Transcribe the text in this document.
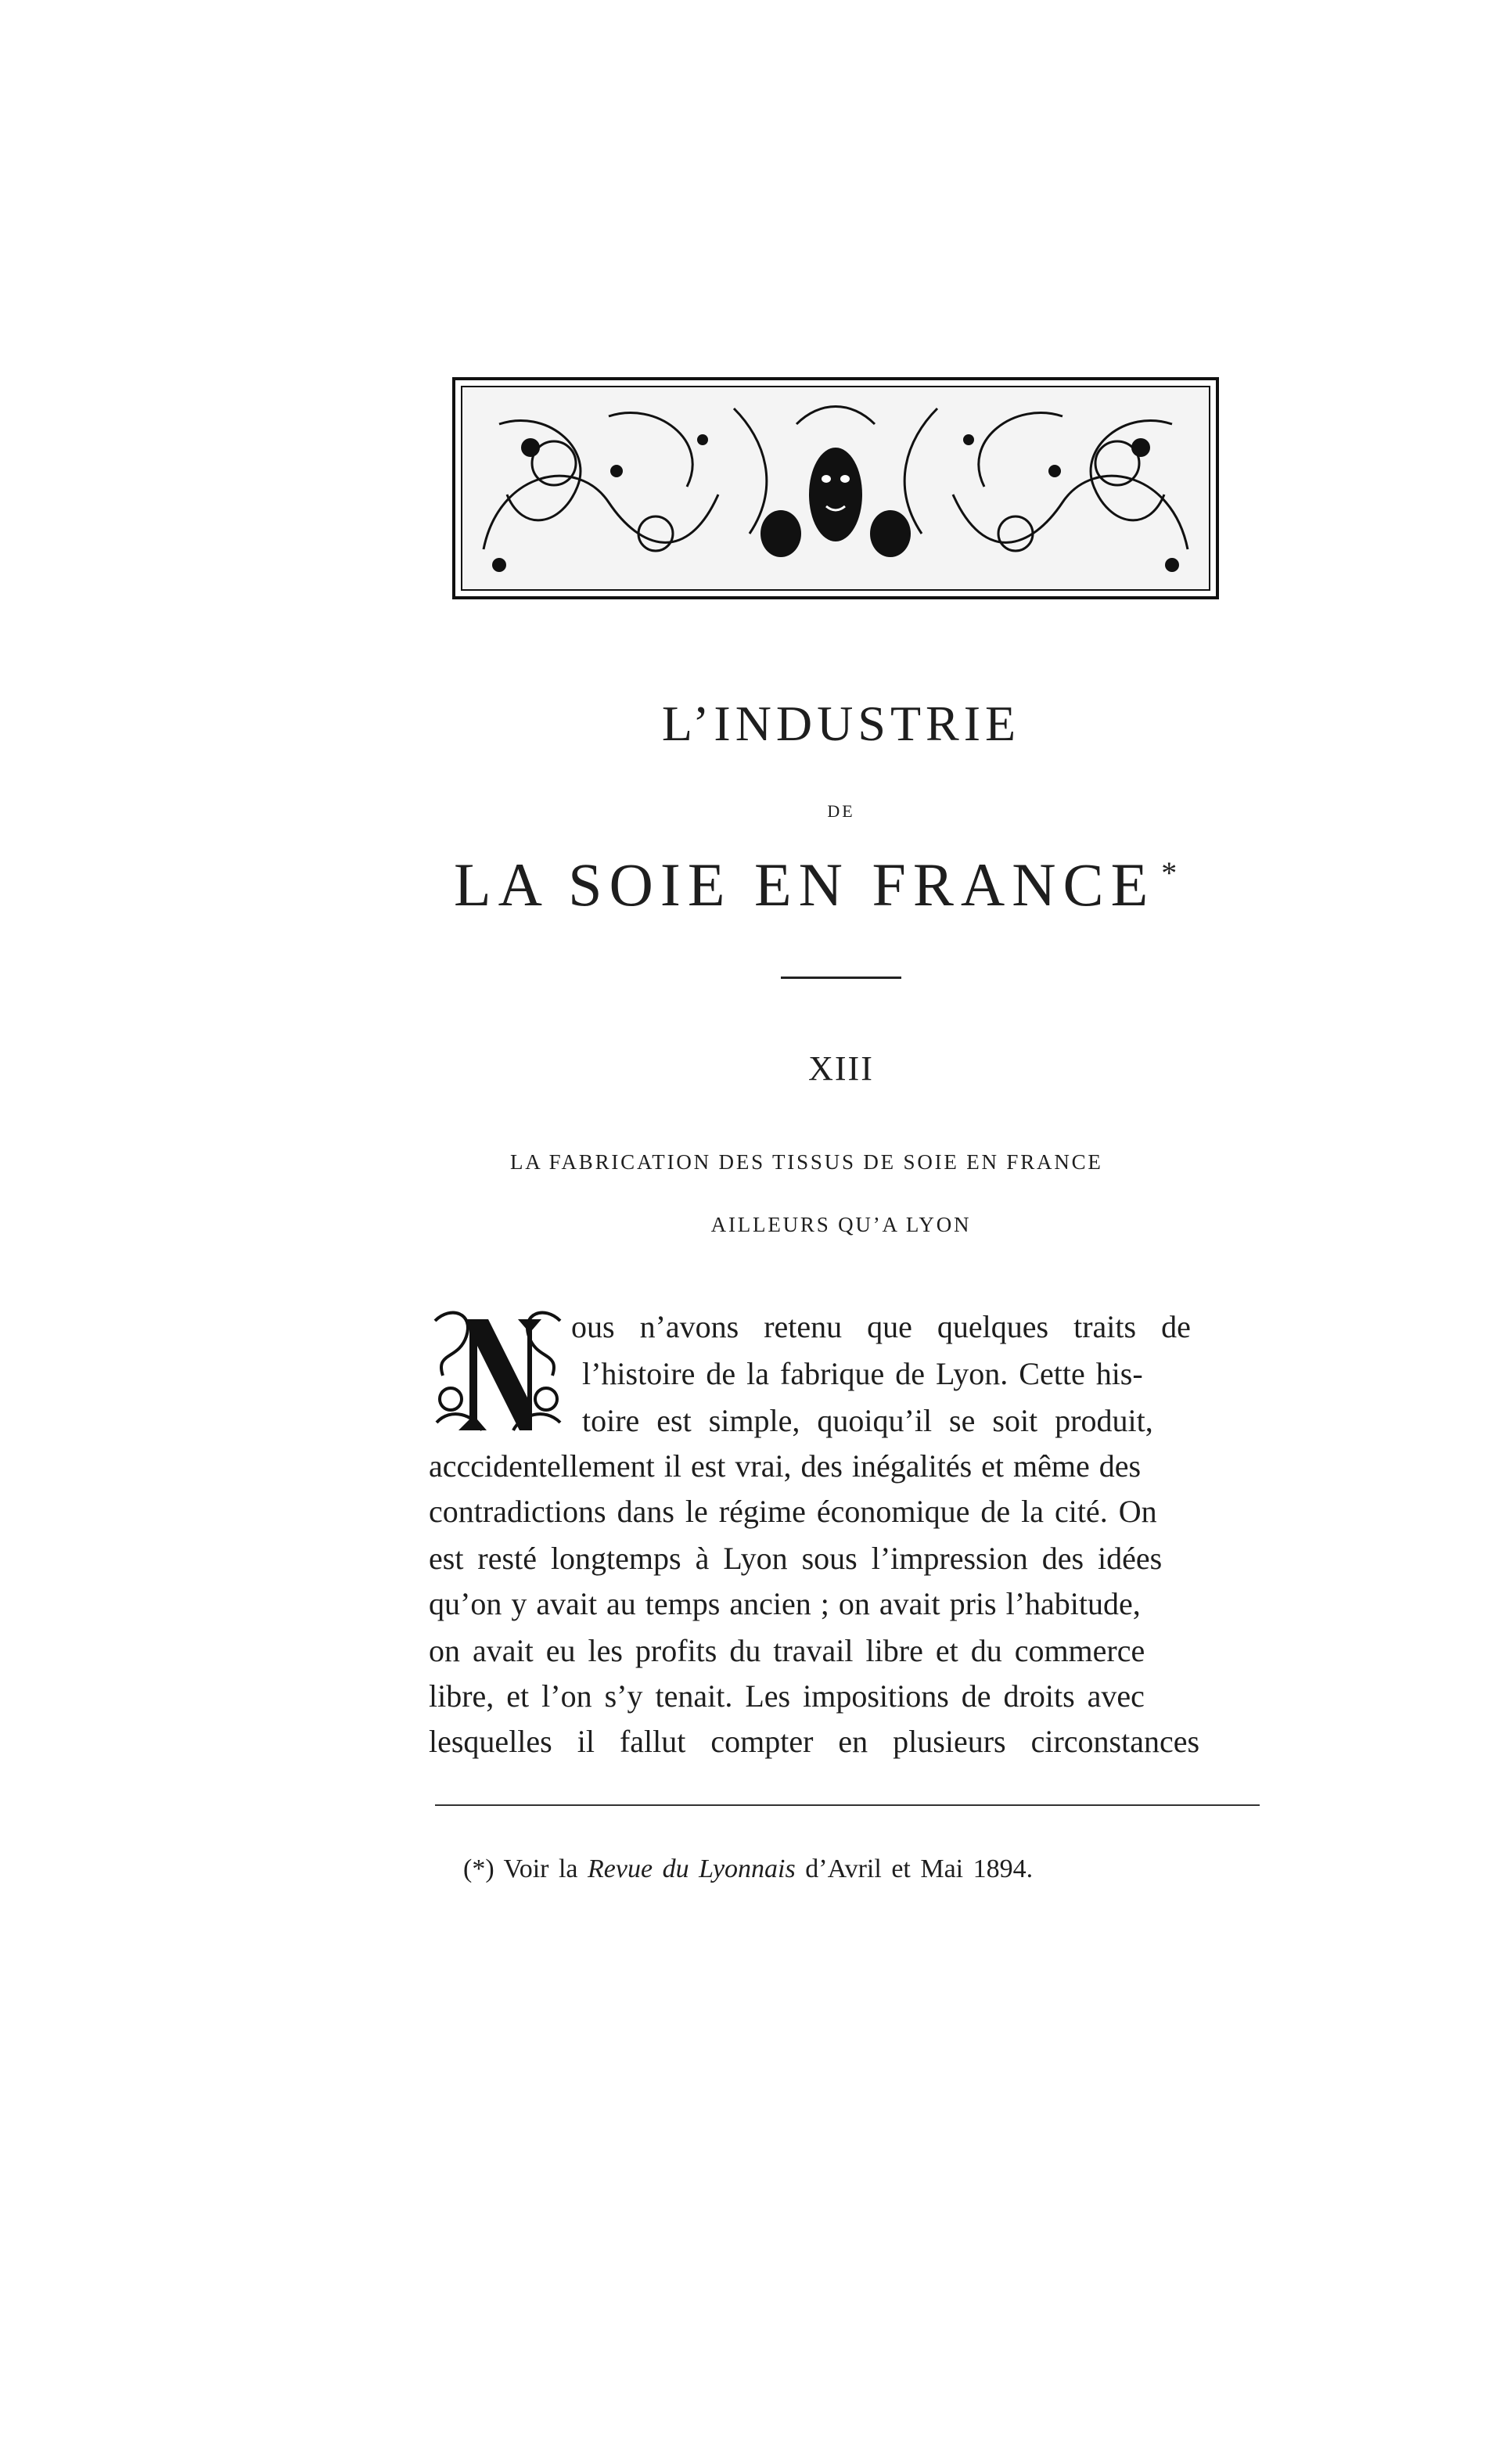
L’INDUSTRIE
DE
LA SOIE EN FRANCE *
XIII
LA FABRICATION DES TISSUS DE SOIE EN FRANCE
AILLEURS QU’A LYON
ous n’avons retenu que quelques traits de
l’histoire de la fabrique de Lyon. Cette his-
toire est simple, quoiqu’il se soit produit,
acccidentellement il est vrai, des inégalités et même des
contradictions dans le régime économique de la cité. On
est resté longtemps à Lyon sous l’impression des idées
qu’on y avait au temps ancien ; on avait pris l’habitude,
on avait eu les profits du travail libre et du commerce
libre, et l’on s’y tenait. Les impositions de droits avec
lesquelles il fallut compter en plusieurs circonstances
(*) Voir la Revue du Lyonnais d’Avril et Mai 1894.
